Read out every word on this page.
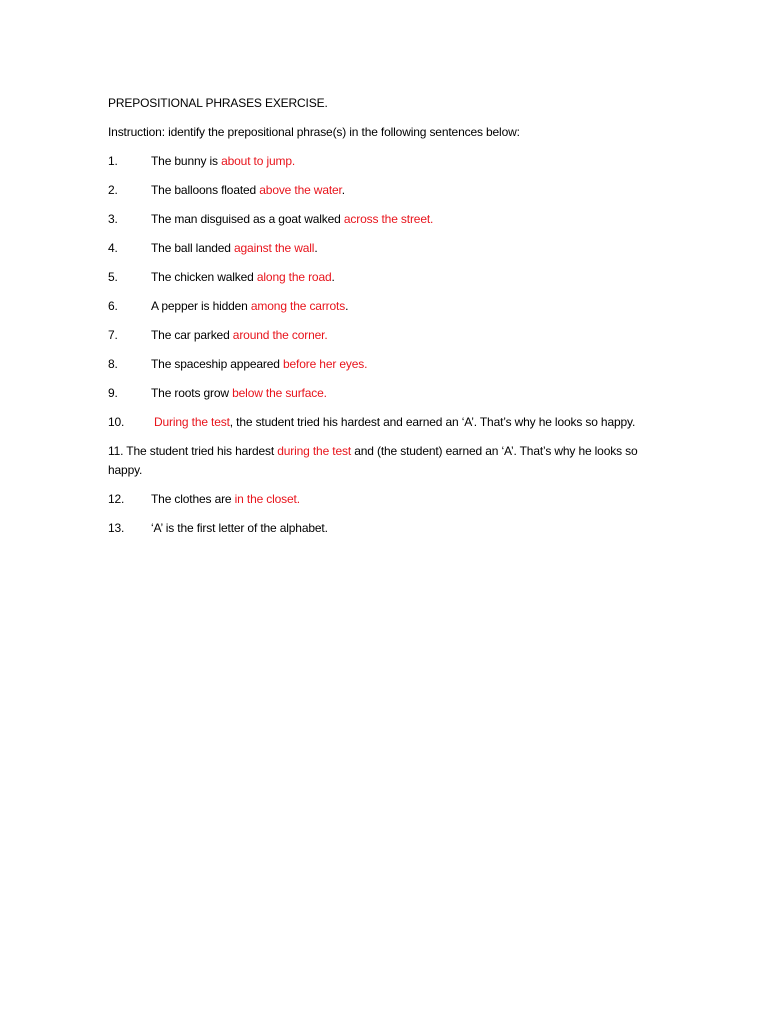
PREPOSITIONAL PHRASES EXERCISE.
Instruction: identify the prepositional phrase(s) in the following sentences below:
1.	The bunny is about to jump.
2.	The balloons floated above the water.
3.	The man disguised as a goat walked across the street.
4.	The ball landed against the wall.
5.	The chicken walked along the road.
6.	A pepper is hidden among the carrots.
7.	The car parked around the corner.
8.	The spaceship appeared before her eyes.
9.	The roots grow below the surface.
10. During the test, the student tried his hardest and earned an ‘A’. That’s why he looks so happy.
11. The student tried his hardest during the test and (the student) earned an ‘A’. That’s why he looks so happy.
12.	The clothes are in the closet.
13.	‘A’ is the first letter of the alphabet.
